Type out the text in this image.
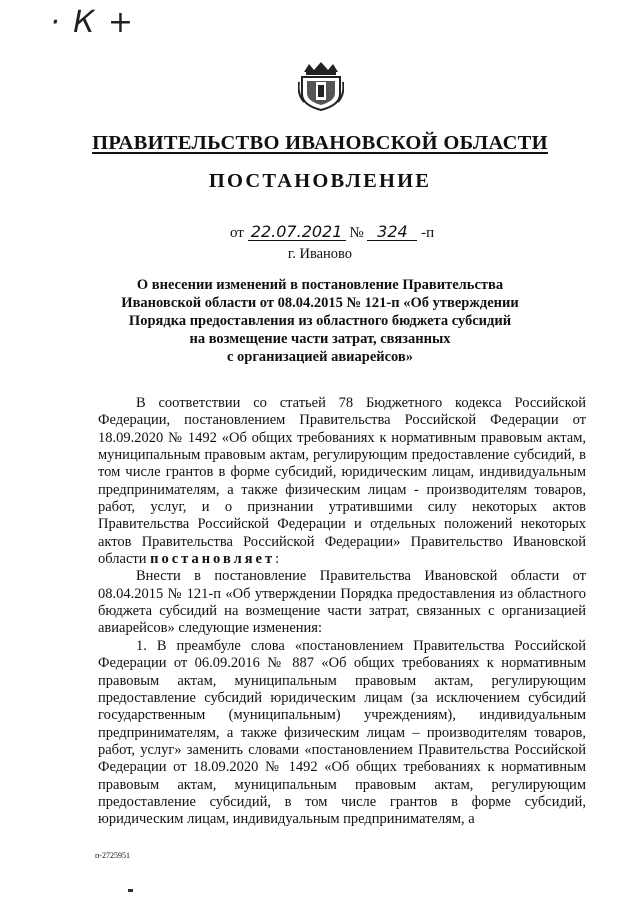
· К +
ПРАВИТЕЛЬСТВО ИВАНОВСКОЙ ОБЛАСТИ
ПОСТАНОВЛЕНИЕ
от 22.07.2021 № 324 -п
г. Иваново
О внесении изменений в постановление Правительства
Ивановской области от 08.04.2015 № 121-п «Об утверждении
Порядка предоставления из областного бюджета субсидий
на возмещение части затрат, связанных
с организацией авиарейсов»

В соответствии со статьей 78 Бюджетного кодекса Российской Федерации, постановлением Правительства Российской Федерации от 18.09.2020 № 1492 «Об общих требованиях к нормативным правовым актам, муниципальным правовым актам, регулирующим предоставление субсидий, в том числе грантов в форме субсидий, юридическим лицам, индивидуальным предпринимателям, а также физическим лицам - производителям товаров, работ, услуг, и о признании утратившими силу некоторых актов Правительства Российской Федерации и отдельных положений некоторых актов Правительства Российской Федерации» Правительство Ивановской области постановляет:

Внести в постановление Правительства Ивановской области от 08.04.2015 № 121-п «Об утверждении Порядка предоставления из областного бюджета субсидий на возмещение части затрат, связанных с организацией авиарейсов» следующие изменения:

1. В преамбуле слова «постановлением Правительства Российской Федерации от 06.09.2016 № 887 «Об общих требованиях к нормативным правовым актам, муниципальным правовым актам, регулирующим предоставление субсидий юридическим лицам (за исключением субсидий государственным (муниципальным) учреждениям), индивидуальным предпринимателям, а также физическим лицам – производителям товаров, работ, услуг» заменить словами «постановлением Правительства Российской Федерации от 18.09.2020 № 1492 «Об общих требованиях к нормативным правовым актам, муниципальным правовым актам, регулирующим предоставление субсидий, в том числе грантов в форме субсидий, юридическим лицам, индивидуальным предпринимателям, а

п-2725951
